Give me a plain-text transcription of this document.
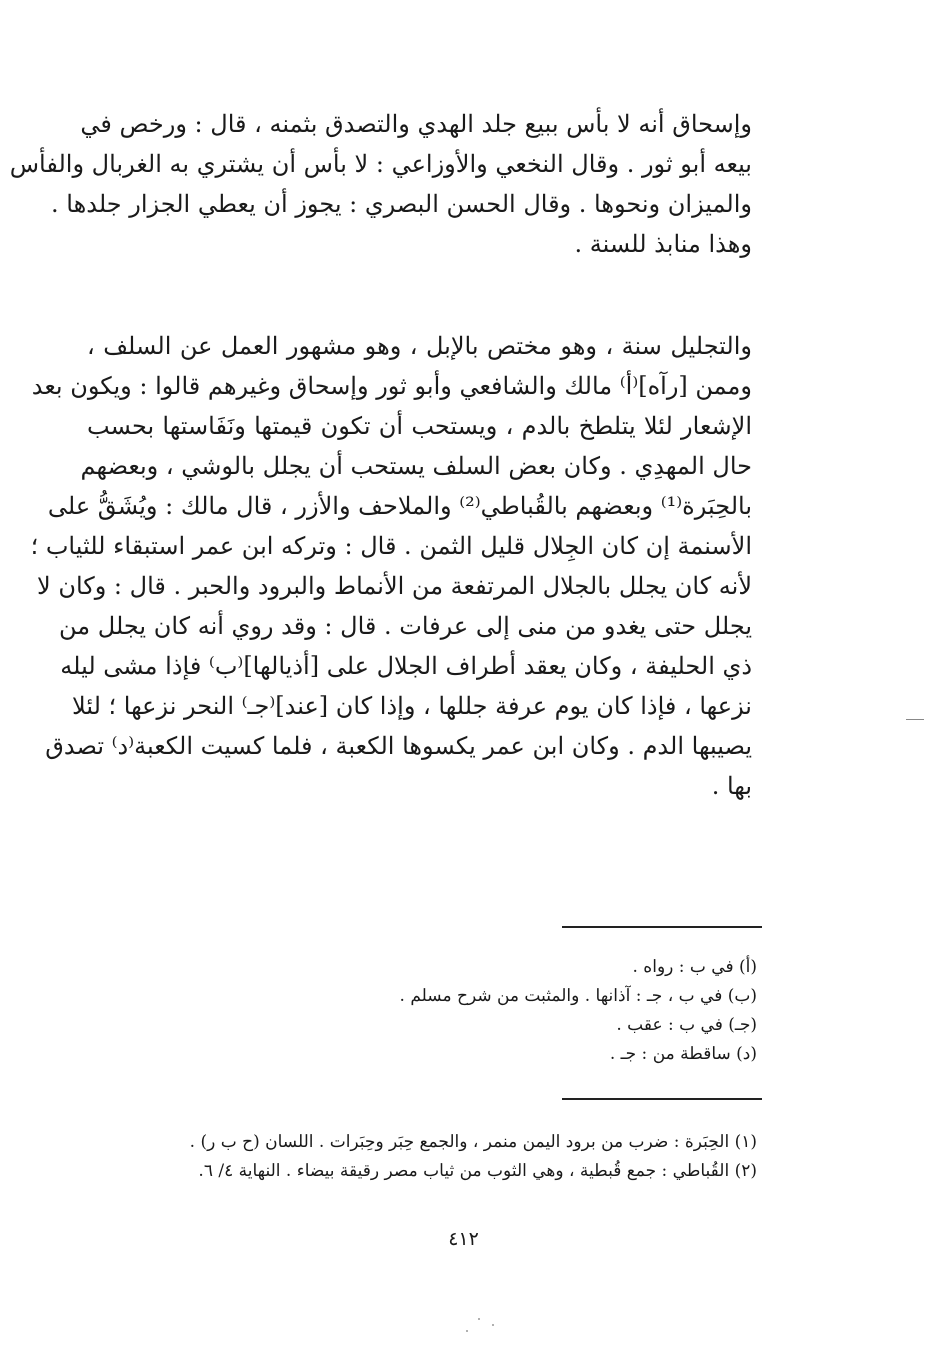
وإسحاق أنه لا بأس ببيع جلد الهدي والتصدق بثمنه ، قال : ورخص في
بيعه أبو ثور . وقال النخعي والأوزاعي : لا بأس أن يشتري به الغربال والفأس
والميزان ونحوها . وقال الحسن البصري : يجوز أن يعطي الجزار جلدها .
وهذا منابذ للسنة .

والتجليل سنة ، وهو مختص بالإبل ، وهو مشهور العمل عن السلف ،
وممن [رآه]⁽أ⁾ مالك والشافعي وأبو ثور وإسحاق وغيرهم قالوا : ويكون بعد
الإشعار لئلا يتلطخ بالدم ، ويستحب أن تكون قيمتها ونَفَاستها بحسب
حال المهدِي . وكان بعض السلف يستحب أن يجلل بالوشي ، وبعضهم
بالحِبَرة⁽¹⁾ وبعضهم بالقُباطي⁽²⁾ والملاحف والأزر ، قال مالك : ويُشَقُّ على
الأسنمة إن كان الجِلال قليل الثمن . قال : وتركه ابن عمر استبقاء للثياب ؛
لأنه كان يجلل بالجلال المرتفعة من الأنماط والبرود والحبر . قال : وكان لا
يجلل حتى يغدو من منى إلى عرفات . قال : وقد روي أنه كان يجلل من
ذي الحليفة ، وكان يعقد أطراف الجلال على [أذيالها]⁽ب⁾ فإذا مشى ليله
نزعها ، فإذا كان يوم عرفة جللها ، وإذا كان [عند]⁽جـ⁾ النحر نزعها ؛ لئلا
يصيبها الدم . وكان ابن عمر يكسوها الكعبة ، فلما كسيت الكعبة⁽د⁾ تصدق
بها .

(أ) في ب : رواه .
(ب) في ب ، جـ : آذانها . والمثبت من شرح مسلم .
(جـ) في ب : عقب .
(د) ساقطة من : جـ .
(١) الحِبَرة : ضرب من برود اليمن منمر ، والجمع حِبَر وحِبَرات . اللسان (ح ب ر) .
(٢) القُباطي : جمع قُبطية ، وهي الثوب من ثياب مصر رقيقة بيضاء . النهاية ٤/ ٦.
٤١٢
